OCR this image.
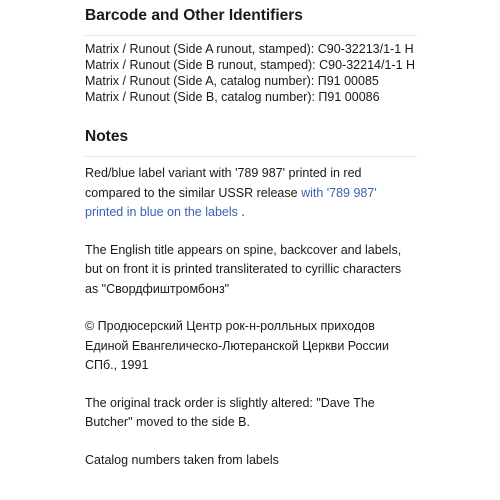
Barcode and Other Identifiers
Matrix / Runout (Side A runout, stamped): C90-32213/1-1 H
Matrix / Runout (Side B runout, stamped): C90-32214/1-1 H
Matrix / Runout (Side A, catalog number): П91 00085
Matrix / Runout (Side B, catalog number): П91 00086
Notes

Red/blue label variant with '789 987' printed in red compared to the similar USSR release with '789 987' printed in blue on the labels .

The English title appears on spine, backcover and labels, but on front it is printed transliterated to cyrillic characters as "Свордфиштромбонз"

© Продюсерский Центр рок-н-ролльных приходов Единой Евангелическо-Лютеранской Церкви России СПб., 1991

The original track order is slightly altered: "Dave The Butcher" moved to the side B.

Catalog numbers taken from labels
